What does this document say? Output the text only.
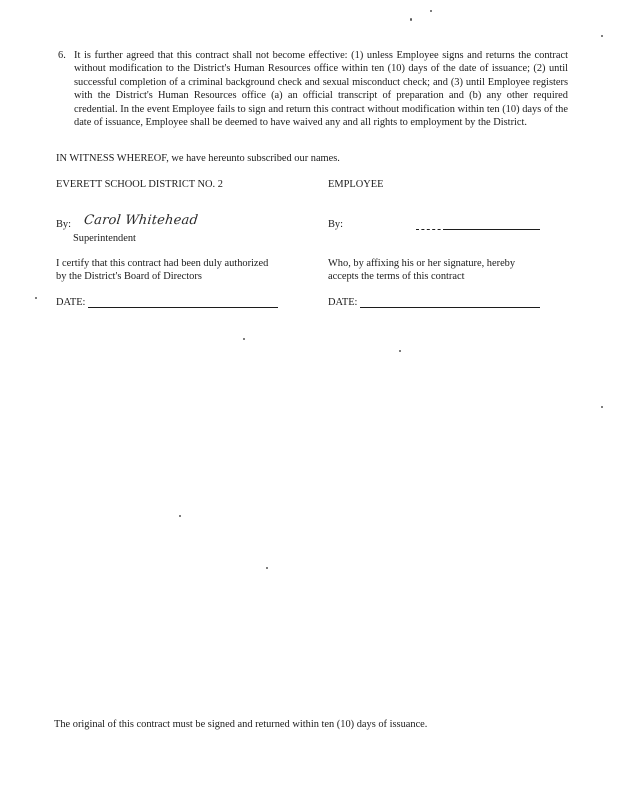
6. It is further agreed that this contract shall not become effective: (1) unless Employee signs and returns the contract without modification to the District's Human Resources office within ten (10) days of the date of issuance; (2) until successful completion of a criminal background check and sexual misconduct check; and (3) until Employee registers with the District's Human Resources office (a) an official transcript of preparation and (b) any other required credential. In the event Employee fails to sign and return this contract without modification within ten (10) days of the date of issuance, Employee shall be deemed to have waived any and all rights to employment by the District.
IN WITNESS WHEREOF, we have hereunto subscribed our names.
EVERETT SCHOOL DISTRICT NO. 2
By: Carol Whitehead
Superintendent
I certify that this contract had been duly authorized
by the District's Board of Directors
DATE:
EMPLOYEE
By:
Who, by affixing his or her signature, hereby
accepts the terms of this contract
DATE:
The original of this contract must be signed and returned within ten (10) days of issuance.
